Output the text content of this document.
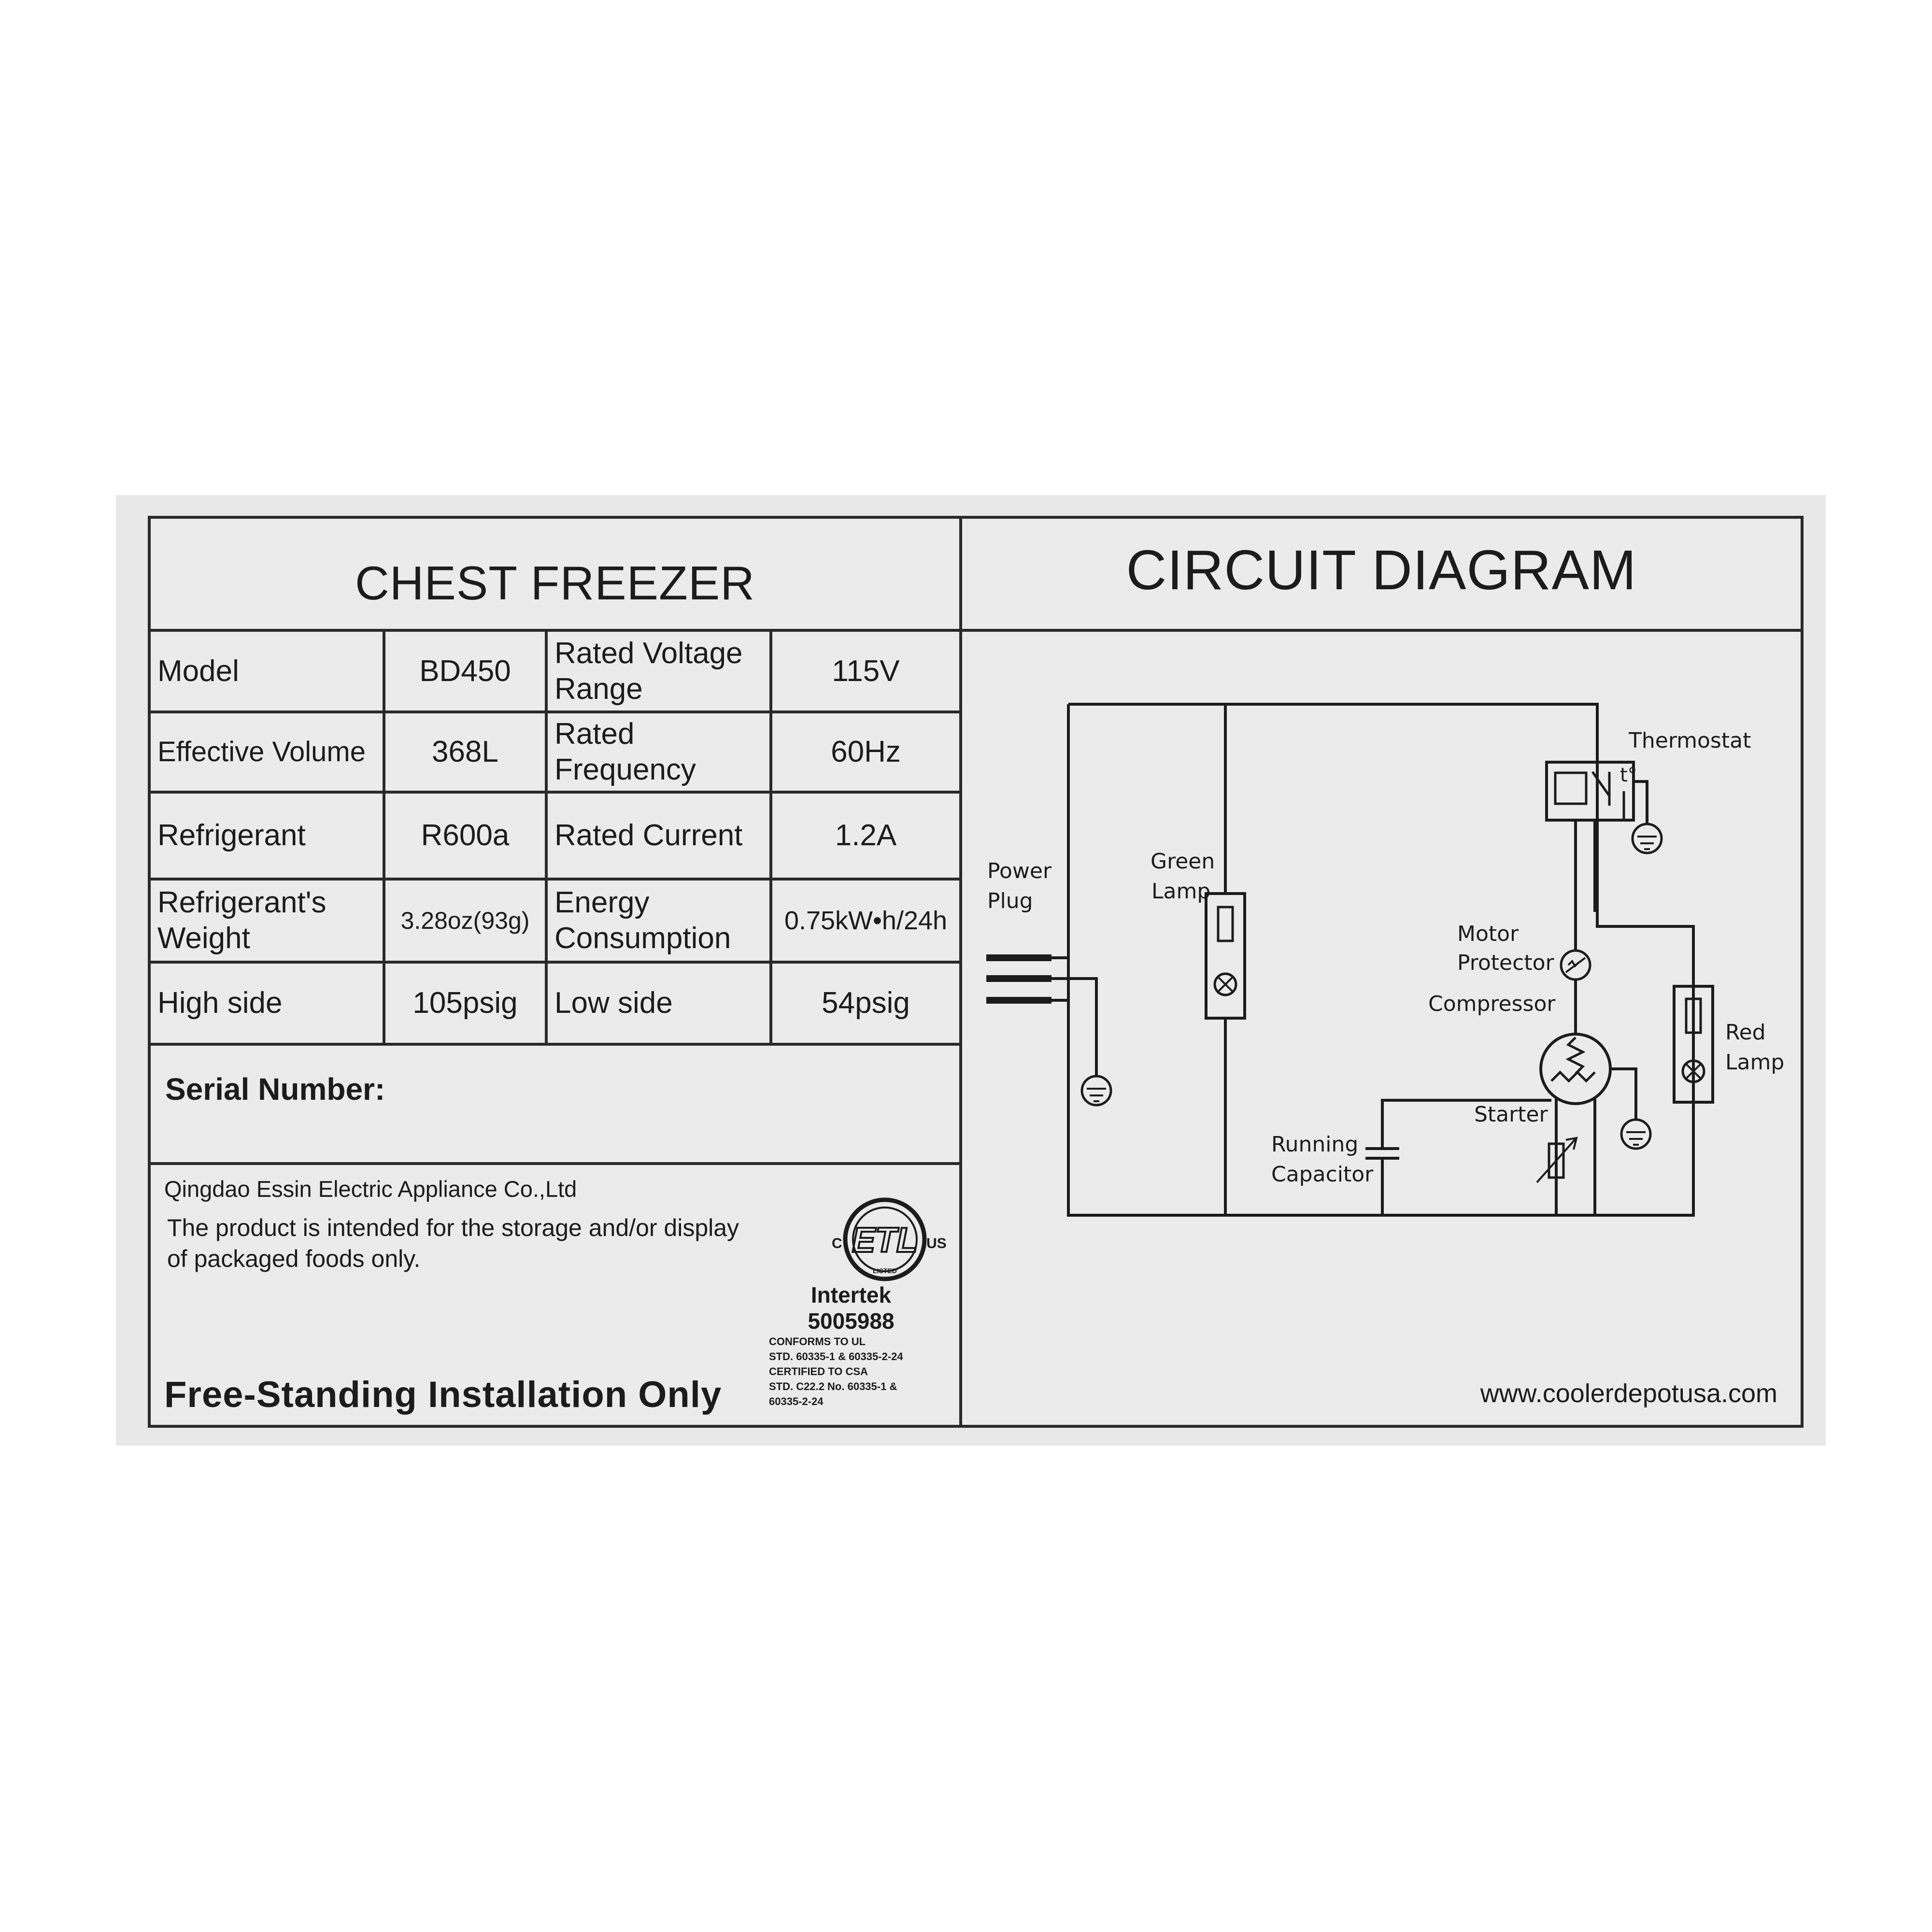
CHEST FREEZER
Model	BD450	Rated Voltage Range	115V
Effective Volume	368L	Rated Frequency	60Hz
Refrigerant	R600a	Rated Current	1.2A
Refrigerant's Weight	3.28oz(93g)	Energy Consumption	0.75kW•h/24h
High side	105psig	Low side	54psig
Serial Number:
Qingdao Essin Electric Appliance Co.,Ltd
The product is intended for the storage and/or display of packaged foods only.	ETL
C	US
LISTED
Intertek
5005988
CONFORMS TO UL
STD. 60335-1 & 60335-2-24
CERTIFIED TO CSA
STD. C22.2 No. 60335-1 &
60335-2-24
Free-Standing Installation Only
CIRCUIT DIAGRAM
t°
Power
Plug
Green
Lamp
Thermostat
Motor
Protector
Compressor
Red
Lamp
Starter
Running
Capacitor
www.coolerdepotusa.com
